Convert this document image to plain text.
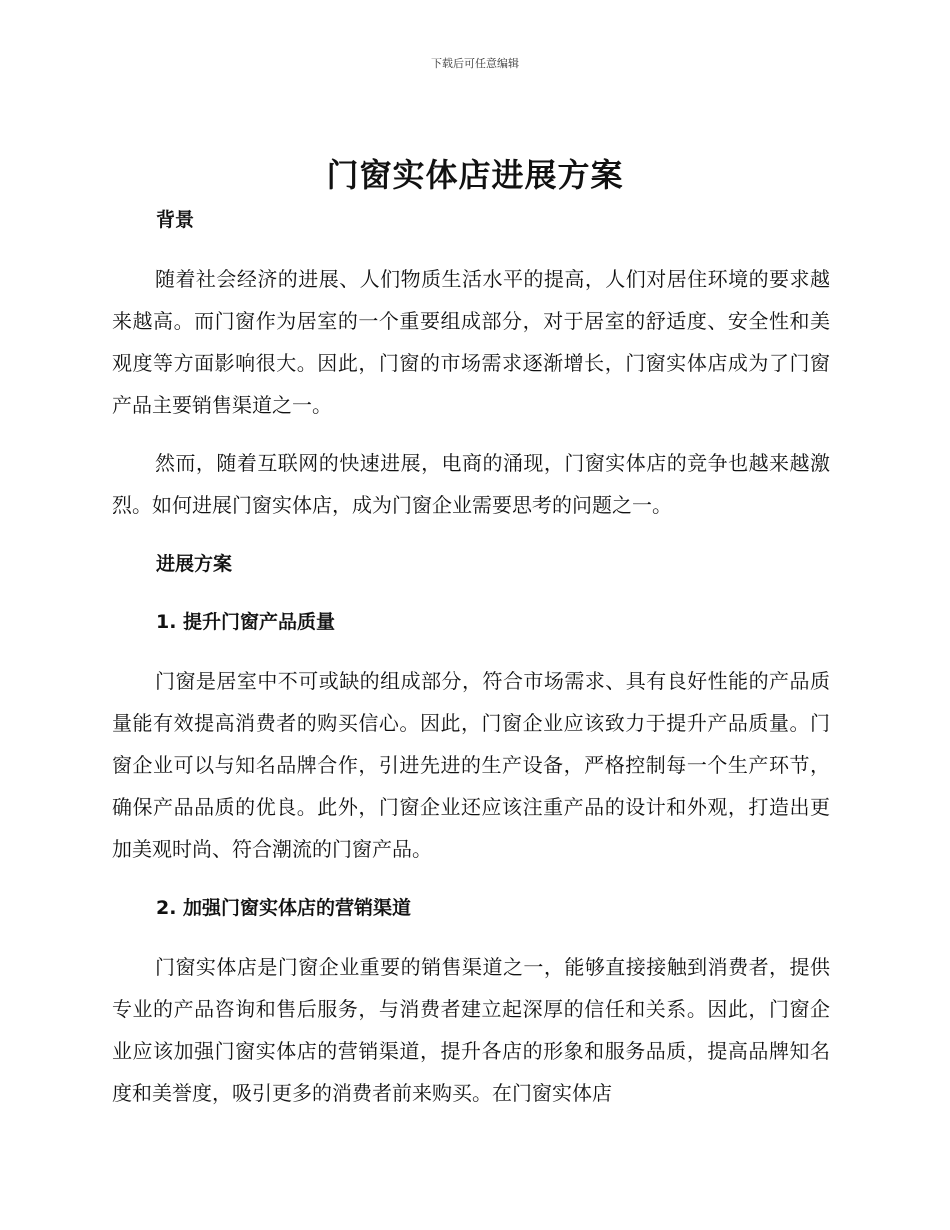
下载后可任意编辑
门窗实体店进展方案
背景

随着社会经济的进展、人们物质生活水平的提高，人们对居住环境的要求越来越高。而门窗作为居室的一个重要组成部分，对于居室的舒适度、安全性和美观度等方面影响很大。因此，门窗的市场需求逐渐增长，门窗实体店成为了门窗产品主要销售渠道之一。

然而，随着互联网的快速进展，电商的涌现，门窗实体店的竞争也越来越激烈。如何进展门窗实体店，成为门窗企业需要思考的问题之一。

进展方案
1. 提升门窗产品质量

门窗是居室中不可或缺的组成部分，符合市场需求、具有良好性能的产品质量能有效提高消费者的购买信心。因此，门窗企业应该致力于提升产品质量。门窗企业可以与知名品牌合作，引进先进的生产设备，严格控制每一个生产环节，确保产品品质的优良。此外，门窗企业还应该注重产品的设计和外观，打造出更加美观时尚、符合潮流的门窗产品。

2. 加强门窗实体店的营销渠道

门窗实体店是门窗企业重要的销售渠道之一，能够直接接触到消费者，提供专业的产品咨询和售后服务，与消费者建立起深厚的信任和关系。因此，门窗企业应该加强门窗实体店的营销渠道，提升各店的形象和服务品质，提高品牌知名度和美誉度，吸引更多的消费者前来购买。在门窗实体店
